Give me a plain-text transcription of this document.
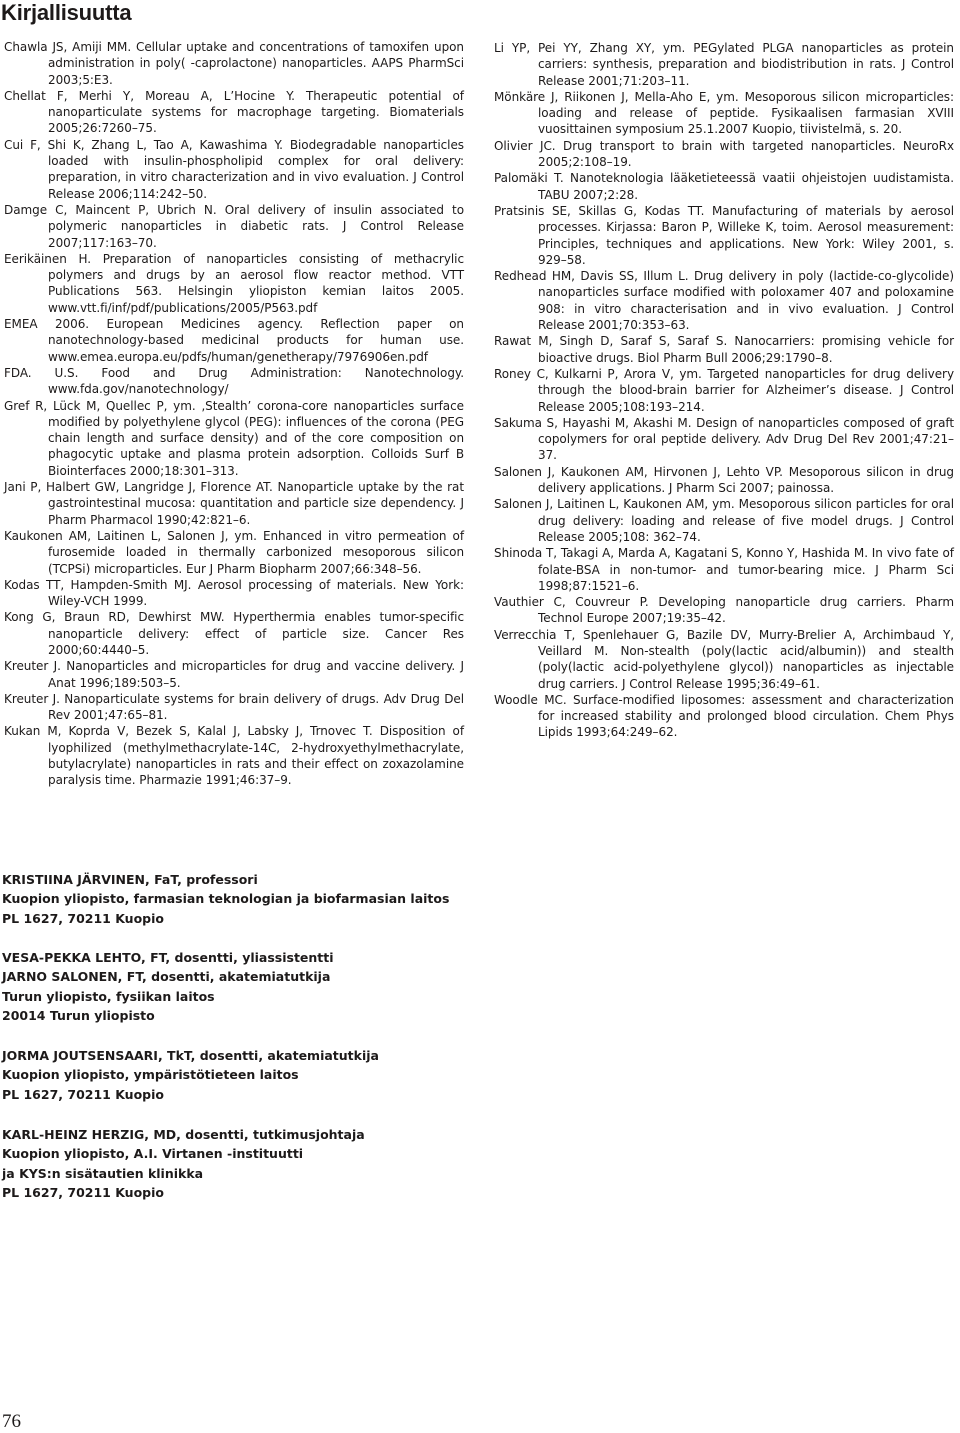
Kirjallisuutta

Chawla JS, Amiji MM. Cellular uptake and concentrations of tamoxifen upon administration in poly( -caprolactone) nanoparticles. AAPS PharmSci 2003;5:E3.

Chellat F, Merhi Y, Moreau A, L’Hocine Y. Therapeutic potential of nanoparticulate systems for macrophage targeting. Biomaterials 2005;26:7260–75.

Cui F, Shi K, Zhang L, Tao A, Kawashima Y. Biodegradable nanoparticles loaded with insulin-phospholipid complex for oral delivery: preparation, in vitro characterization and in vivo evaluation. J Control Release 2006;114:242–50.

Damge C, Maincent P, Ubrich N. Oral delivery of insulin associated to polymeric nanoparticles in diabetic rats. J Control Release 2007;117:163–70.

Eerikäinen H. Preparation of nanoparticles consisting of methacrylic polymers and drugs by an aerosol flow reactor method. VTT Publications 563. Helsingin yliopiston kemian laitos 2005. www.vtt.fi/inf/pdf/publications/2005/P563.pdf

EMEA 2006. European Medicines agency. Reflection paper on nanotechnology-based medicinal products for human use. www.emea.europa.eu/pdfs/human/genetherapy/7976906en.pdf

FDA. U.S. Food and Drug Administration: Nanotechnology. www.fda.gov/nanotechnology/

Gref R, Lück M, Quellec P, ym. ‚Stealth’ corona-core nanoparticles surface modified by polyethylene glycol (PEG): influences of the corona (PEG chain length and surface density) and of the core composition on phagocytic uptake and plasma protein adsorption. Colloids Surf B Biointerfaces 2000;18:301–313.

Jani P, Halbert GW, Langridge J, Florence AT. Nanoparticle uptake by the rat gastrointestinal mucosa: quantitation and particle size dependency. J Pharm Pharmacol 1990;42:821–6.

Kaukonen AM, Laitinen L, Salonen J, ym. Enhanced in vitro permeation of furosemide loaded in thermally carbonized mesoporous silicon (TCPSi) microparticles. Eur J Pharm Biopharm 2007;66:348–56.

Kodas TT, Hampden-Smith MJ. Aerosol processing of materials. New York: Wiley-VCH 1999.

Kong G, Braun RD, Dewhirst MW. Hyperthermia enables tumor-specific nanoparticle delivery: effect of particle size. Cancer Res 2000;60:4440–5.

Kreuter J. Nanoparticles and microparticles for drug and vaccine delivery. J Anat 1996;189:503–5.

Kreuter J. Nanoparticulate systems for brain delivery of drugs. Adv Drug Del Rev 2001;47:65–81.

Kukan M, Koprda V, Bezek S, Kalal J, Labsky J, Trnovec T. Disposition of lyophilized (methylmethacrylate-14C, 2-hydroxyethylmethacrylate, butylacrylate) nanoparticles in rats and their effect on zoxazolamine paralysis time. Pharmazie 1991;46:37–9.

Li YP, Pei YY, Zhang XY, ym. PEGylated PLGA nanoparticles as protein carriers: synthesis, preparation and biodistribution in rats. J Control Release 2001;71:203–11.

Mönkäre J, Riikonen J, Mella-Aho E, ym. Mesoporous silicon microparticles: loading and release of peptide. Fysikaalisen farmasian XVIII vuosittainen symposium 25.1.2007 Kuopio, tiivistelmä, s. 20.

Olivier JC. Drug transport to brain with targeted nanoparticles. NeuroRx 2005;2:108–19.

Palomäki T. Nanoteknologia lääketieteessä vaatii ohjeistojen uudistamista. TABU 2007;2:28.

Pratsinis SE, Skillas G, Kodas TT. Manufacturing of materials by aerosol processes. Kirjassa: Baron P, Willeke K, toim. Aerosol measurement: Principles, techniques and applications. New York: Wiley 2001, s. 929–58.

Redhead HM, Davis SS, Illum L. Drug delivery in poly (lactide-co-glycolide) nanoparticles surface modified with poloxamer 407 and poloxamine 908: in vitro characterisation and in vivo evaluation. J Control Release 2001;70:353–63.

Rawat M, Singh D, Saraf S, Saraf S. Nanocarriers: promising vehicle for bioactive drugs. Biol Pharm Bull 2006;29:1790–8.

Roney C, Kulkarni P, Arora V, ym. Targeted nanoparticles for drug delivery through the blood-brain barrier for Alzheimer’s disease. J Control Release 2005;108:193–214.

Sakuma S, Hayashi M, Akashi M. Design of nanoparticles composed of graft copolymers for oral peptide delivery. Adv Drug Del Rev 2001;47:21–37.

Salonen J, Kaukonen AM, Hirvonen J, Lehto VP. Mesoporous silicon in drug delivery applications. J Pharm Sci 2007; painossa.

Salonen J, Laitinen L, Kaukonen AM, ym. Mesoporous silicon particles for oral drug delivery: loading and release of five model drugs. J Control Release 2005;108: 362–74.

Shinoda T, Takagi A, Marda A, Kagatani S, Konno Y, Hashida M. In vivo fate of folate-BSA in non-tumor- and tumor-bearing mice. J Pharm Sci 1998;87:1521–6.

Vauthier C, Couvreur P. Developing nanoparticle drug carriers. Pharm Technol Europe 2007;19:35–42.

Verrecchia T, Spenlehauer G, Bazile DV, Murry-Brelier A, Archimbaud Y, Veillard M. Non-stealth (poly(lactic acid/albumin)) and stealth (poly(lactic acid-polyethylene glycol)) nanoparticles as injectable drug carriers. J Control Release 1995;36:49–61.

Woodle MC. Surface-modified liposomes: assessment and characterization for increased stability and prolonged blood circulation. Chem Phys Lipids 1993;64:249–62.

KRISTIINA JÄRVINEN, FaT, professori

Kuopion yliopisto, farmasian teknologian ja biofarmasian laitos

PL 1627, 70211 Kuopio

VESA-PEKKA LEHTO, FT, dosentti, yliassistentti

JARNO SALONEN, FT, dosentti, akatemiatutkija

Turun yliopisto, fysiikan laitos

20014 Turun yliopisto

JORMA JOUTSENSAARI, TkT, dosentti, akatemiatutkija

Kuopion yliopisto, ympäristötieteen laitos

PL 1627, 70211 Kuopio

KARL-HEINZ HERZIG, MD, dosentti, tutkimusjohtaja

Kuopion yliopisto, A.I. Virtanen -instituutti

ja KYS:n sisätautien klinikka

PL 1627, 70211 Kuopio

76
